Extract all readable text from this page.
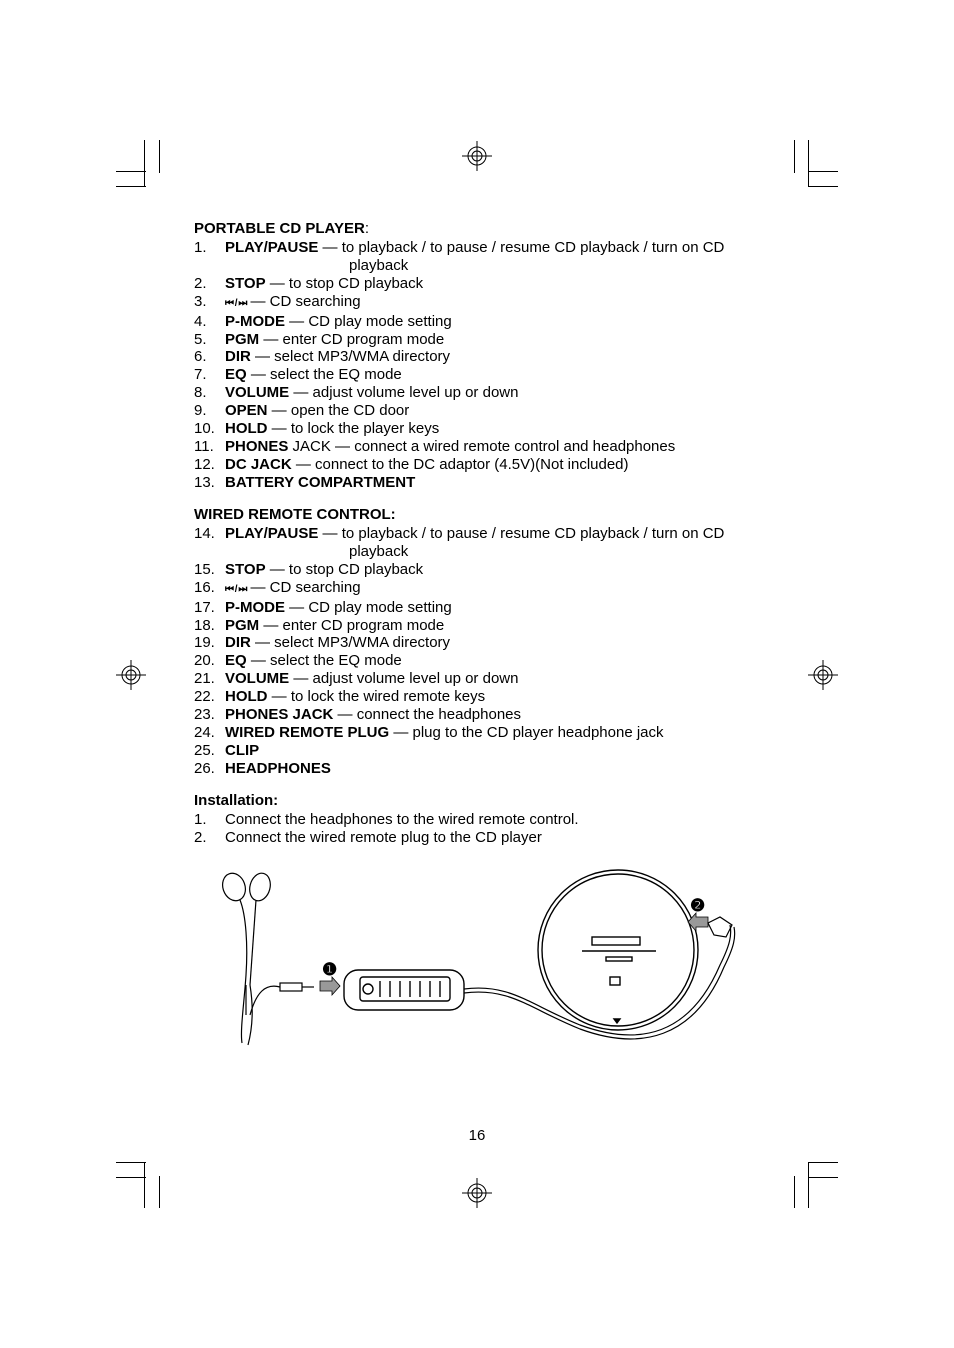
PORTABLE CD PLAYER:
1. PLAY/PAUSE — to playback / to pause / resume CD playback / turn on CD
playback
2. STOP — to stop CD playback
3. ⏮ / ⏭ — CD searching
4. P-MODE — CD play mode setting
5. PGM — enter CD program mode
6. DIR — select MP3/WMA directory
7. EQ — select the EQ mode
8. VOLUME — adjust volume level up or down
9. OPEN — open the CD door
10. HOLD — to lock the player keys
11. PHONES JACK — connect a wired remote control and headphones
12. DC JACK — connect to the DC adaptor (4.5V)(Not included)
13. BATTERY COMPARTMENT
WIRED REMOTE CONTROL:
14. PLAY/PAUSE — to playback / to pause / resume CD playback / turn on CD
playback
15. STOP — to stop CD playback
16. ⏮ / ⏭ — CD searching
17. P-MODE — CD play mode setting
18. PGM — enter CD program mode
19. DIR — select MP3/WMA directory
20. EQ — select the EQ mode
21. VOLUME — adjust volume level up or down
22. HOLD — to lock the wired remote keys
23. PHONES JACK — connect the headphones
24. WIRED REMOTE PLUG — plug to the CD player headphone jack
25. CLIP
26. HEADPHONES
Installation:
1. Connect the headphones to the wired remote control.
2. Connect the wired remote plug to the CD player
❶
❷
16
